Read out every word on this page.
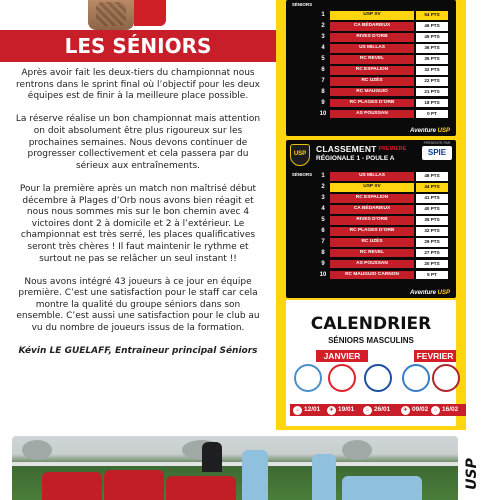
LES SÉNIORS

Après avoir fait les deux-tiers du championnat nous rentrons dans le sprint final où l’objectif pour les deux équipes est de finir à la meilleure place possible.

La réserve réalise un bon championnat mais attention on doit absolument être plus rigoureux sur les prochaines semaines. Nous devons continuer de progresser collectivement et cela passera par du sérieux aux entraînements.

Pour la première après un match non maîtrisé début décembre à Plages d’Orb nous avons bien réagit et nous nous sommes mis sur le bon chemin avec 4 victoires dont 2 à domicile et 2 à l’extérieur. Le championnat est très serré, les places qualificatives seront très chères ! Il faut maintenir le rythme et surtout ne pas se relâcher un seul instant !!

Nous avons intégré 43 joueurs à ce jour en équipe première. C’est une satisfaction pour le staff car cela montre la qualité du groupe séniors dans son ensemble. C’est aussi une satisfaction pour le club au vu du nombre de joueurs issus de la formation.

Kévin LE GUELAFF, Entraineur principal Séniors
SÉNIORS
1	USP XV	54 PTS
2	CA BÉDARIEUX	46 PTS
3	RIVES D’ORB	45 PTS
4	US MILLAS	36 PTS
5	RC REVEL	35 PTS
6	RC ESPALION	32 PTS
7	RC UZÈS	22 PTS
8	RC MAUGUIO	21 PTS
9	RC PLAGES D’ORB	18 PTS
10	AS POUSSAN	0 PT
Aventure USP
USP	CLASSEMENT $^{PREMIERE}$
RÉGIONALE 1 - POULE A
PRÉSENTÉ PAR
SPIE
SÉNIORS	1	US MILLAS	48 PTS
2	USP XV	44 PTS
3	RC ESPALION	41 PTS
4	CA BÉDARIEUX	40 PTS
5	RIVES D’ORB	35 PTS
6	RC PLAGES D’ORB	32 PTS
7	RC UZÈS	29 PTS
8	RC REVEL	27 PTS
9	AS POUSSAN	20 PTS
10	RC MAUGUIO CARNON	5 PT
Aventure USP
CALENDRIER
SÉNIORS MASCULINS
JANVIER	FEVRIER
⌂ 12/01	✈ 19/01	⌂ 26/01	✈ 09/02	⌂ 16/02
USP
